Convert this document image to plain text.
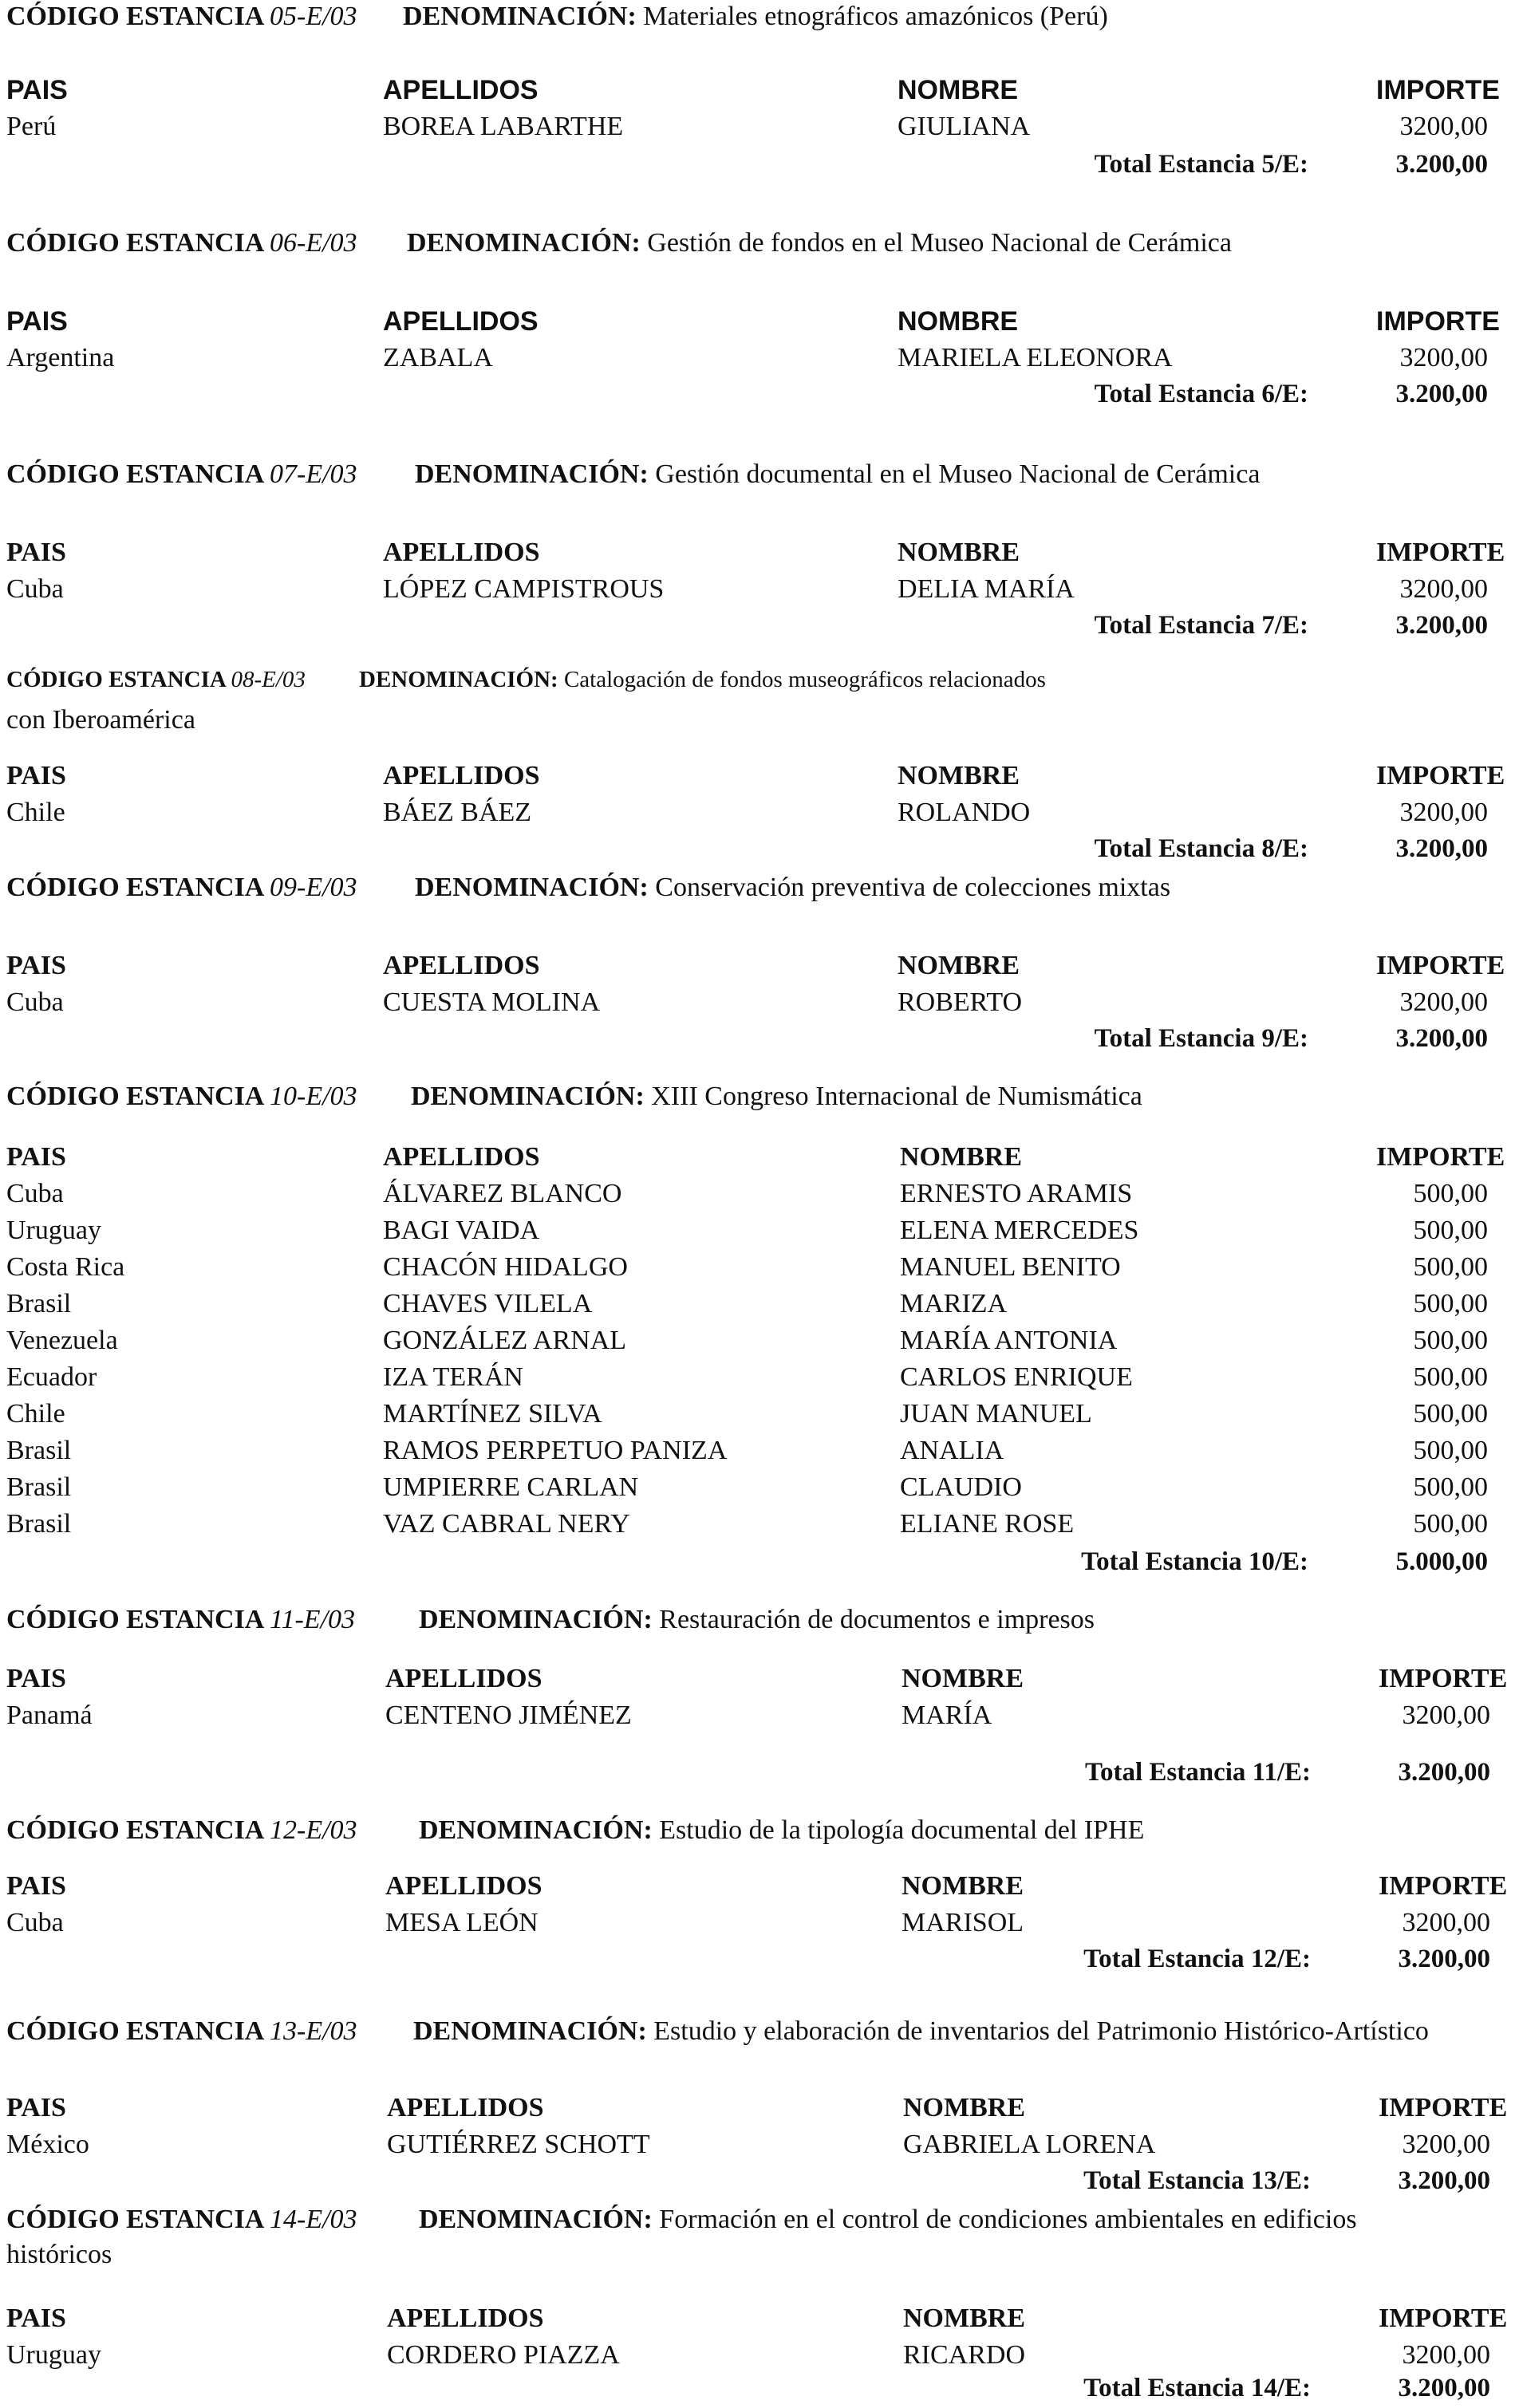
CÓDIGO ESTANCIA 05-E/03 DENOMINACIÓN: Materiales etnográficos amazónicos (Perú)
PAIS	APELLIDOS	NOMBRE	IMPORTE
Perú	BOREA LABARTHE	GIULIANA	3200,00
Total Estancia 5/E:	3.200,00
CÓDIGO ESTANCIA 06-E/03 DENOMINACIÓN: Gestión de fondos en el Museo Nacional de Cerámica
PAIS	APELLIDOS	NOMBRE	IMPORTE
Argentina	ZABALA	MARIELA ELEONORA	3200,00
Total Estancia 6/E:	3.200,00
CÓDIGO ESTANCIA 07-E/03 DENOMINACIÓN: Gestión documental en el Museo Nacional de Cerámica
PAIS	APELLIDOS	NOMBRE	IMPORTE
Cuba	LÓPEZ CAMPISTROUS	DELIA MARÍA	3200,00
Total Estancia 7/E:	3.200,00
CÓDIGO ESTANCIA 08-E/03 DENOMINACIÓN: Catalogación de fondos museográficos relacionados
con Iberoamérica
PAIS	APELLIDOS	NOMBRE	IMPORTE
Chile	BÁEZ BÁEZ	ROLANDO	3200,00
Total Estancia 8/E:	3.200,00
CÓDIGO ESTANCIA 09-E/03 DENOMINACIÓN: Conservación preventiva de colecciones mixtas
PAIS	APELLIDOS	NOMBRE	IMPORTE
Cuba	CUESTA MOLINA	ROBERTO	3200,00
Total Estancia 9/E:	3.200,00
CÓDIGO ESTANCIA 10-E/03 DENOMINACIÓN: XIII Congreso Internacional de Numismática
PAIS	APELLIDOS	NOMBRE	IMPORTE
Cuba	ÁLVAREZ BLANCO	ERNESTO ARAMIS	500,00
Uruguay	BAGI VAIDA	ELENA MERCEDES	500,00
Costa Rica	CHACÓN HIDALGO	MANUEL BENITO	500,00
Brasil	CHAVES VILELA	MARIZA	500,00
Venezuela	GONZÁLEZ ARNAL	MARÍA ANTONIA	500,00
Ecuador	IZA TERÁN	CARLOS ENRIQUE	500,00
Chile	MARTÍNEZ SILVA	JUAN MANUEL	500,00
Brasil	RAMOS PERPETUO PANIZA	ANALIA	500,00
Brasil	UMPIERRE CARLAN	CLAUDIO	500,00
Brasil	VAZ CABRAL NERY	ELIANE ROSE	500,00
Total Estancia 10/E:	5.000,00
CÓDIGO ESTANCIA 11-E/03 DENOMINACIÓN: Restauración de documentos e impresos
PAIS	APELLIDOS	NOMBRE	IMPORTE
Panamá	CENTENO JIMÉNEZ	MARÍA	3200,00
Total Estancia 11/E:	3.200,00
CÓDIGO ESTANCIA 12-E/03 DENOMINACIÓN: Estudio de la tipología documental del IPHE
PAIS	APELLIDOS	NOMBRE	IMPORTE
Cuba	MESA LEÓN	MARISOL	3200,00
Total Estancia 12/E:	3.200,00
CÓDIGO ESTANCIA 13-E/03 DENOMINACIÓN: Estudio y elaboración de inventarios del Patrimonio Histórico-Artístico
PAIS	APELLIDOS	NOMBRE	IMPORTE
México	GUTIÉRREZ SCHOTT	GABRIELA LORENA	3200,00
Total Estancia 13/E:	3.200,00
CÓDIGO ESTANCIA 14-E/03 DENOMINACIÓN: Formación en el control de condiciones ambientales en edificios
históricos
PAIS	APELLIDOS	NOMBRE	IMPORTE
Uruguay	CORDERO PIAZZA	RICARDO	3200,00
Total Estancia 14/E:	3.200,00
